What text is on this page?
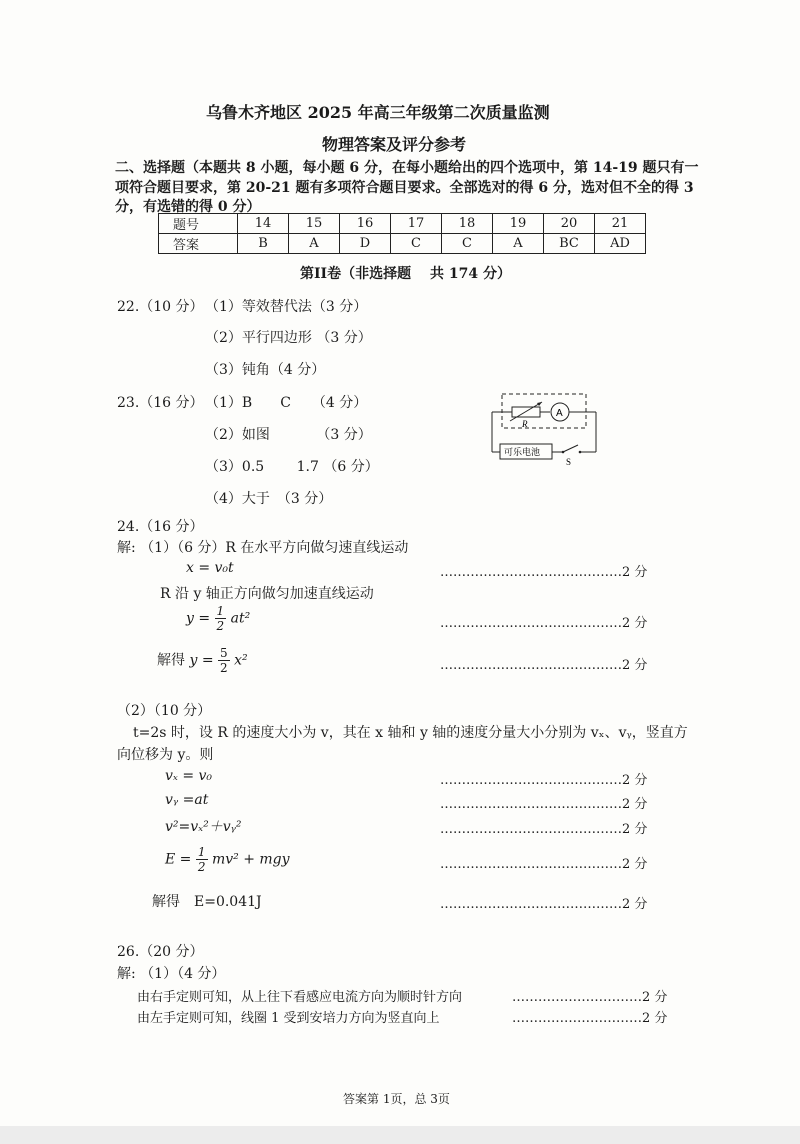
乌鲁木齐地区 2025 年高三年级第二次质量监测
物理答案及评分参考
二、选择题（本题共 8 小题，每小题 6 分，在每小题给出的四个选项中，第 14-19 题只有一
项符合题目要求，第 20-21 题有多项符合题目要求。全部选对的得 6 分，选对但不全的得 3
分，有选错的得 0 分）
题号	14	15	16	17	18	19	20	21
答案	B	A	D	C	C	A	BC	AD
第II卷（非选择题　 共 174 分）
22.（10 分） （1）等效替代法（3 分）
（2）平行四边形 （3 分）
（3）钝角（4 分）
23.（16 分） （1）B　　C　　（4 分）
（2）如图　　　 （3 分）
（3）0.5　　 1.7 （6 分）
（4）大于　（3 分）
R
A
可乐电池
S
24.（16 分）
解: （1）（6 分）R 在水平方向做匀速直线运动
x = v₀t	……………………………………2 分
R 沿 y 轴正方向做匀加速直线运动
$y = \frac{1}{2} at^2$	……………………………………2 分
解得 $y = \frac{5}{2} x^2$	……………………………………2 分
（2）（10 分）
t=2s 时，设 R 的速度大小为 v，其在 x 轴和 y 轴的速度分量大小分别为 vₓ、vᵧ，竖直方
向位移为 y。则
vₓ = v₀	……………………………………2 分
vᵧ =at	……………………………………2 分
v²=vₓ²＋vᵧ²	……………………………………2 分
$E = \frac{1}{2} mv^2$ + mgy	……………………………………2 分
解得　E=0.041J	……………………………………2 分
26.（20 分）
解: （1）（4 分）
由右手定则可知，从上往下看感应电流方向为顺时针方向	…………………………2 分
由左手定则可知，线圈 1 受到安培力方向为竖直向上	…………………………2 分
答案第 1页，总 3页
